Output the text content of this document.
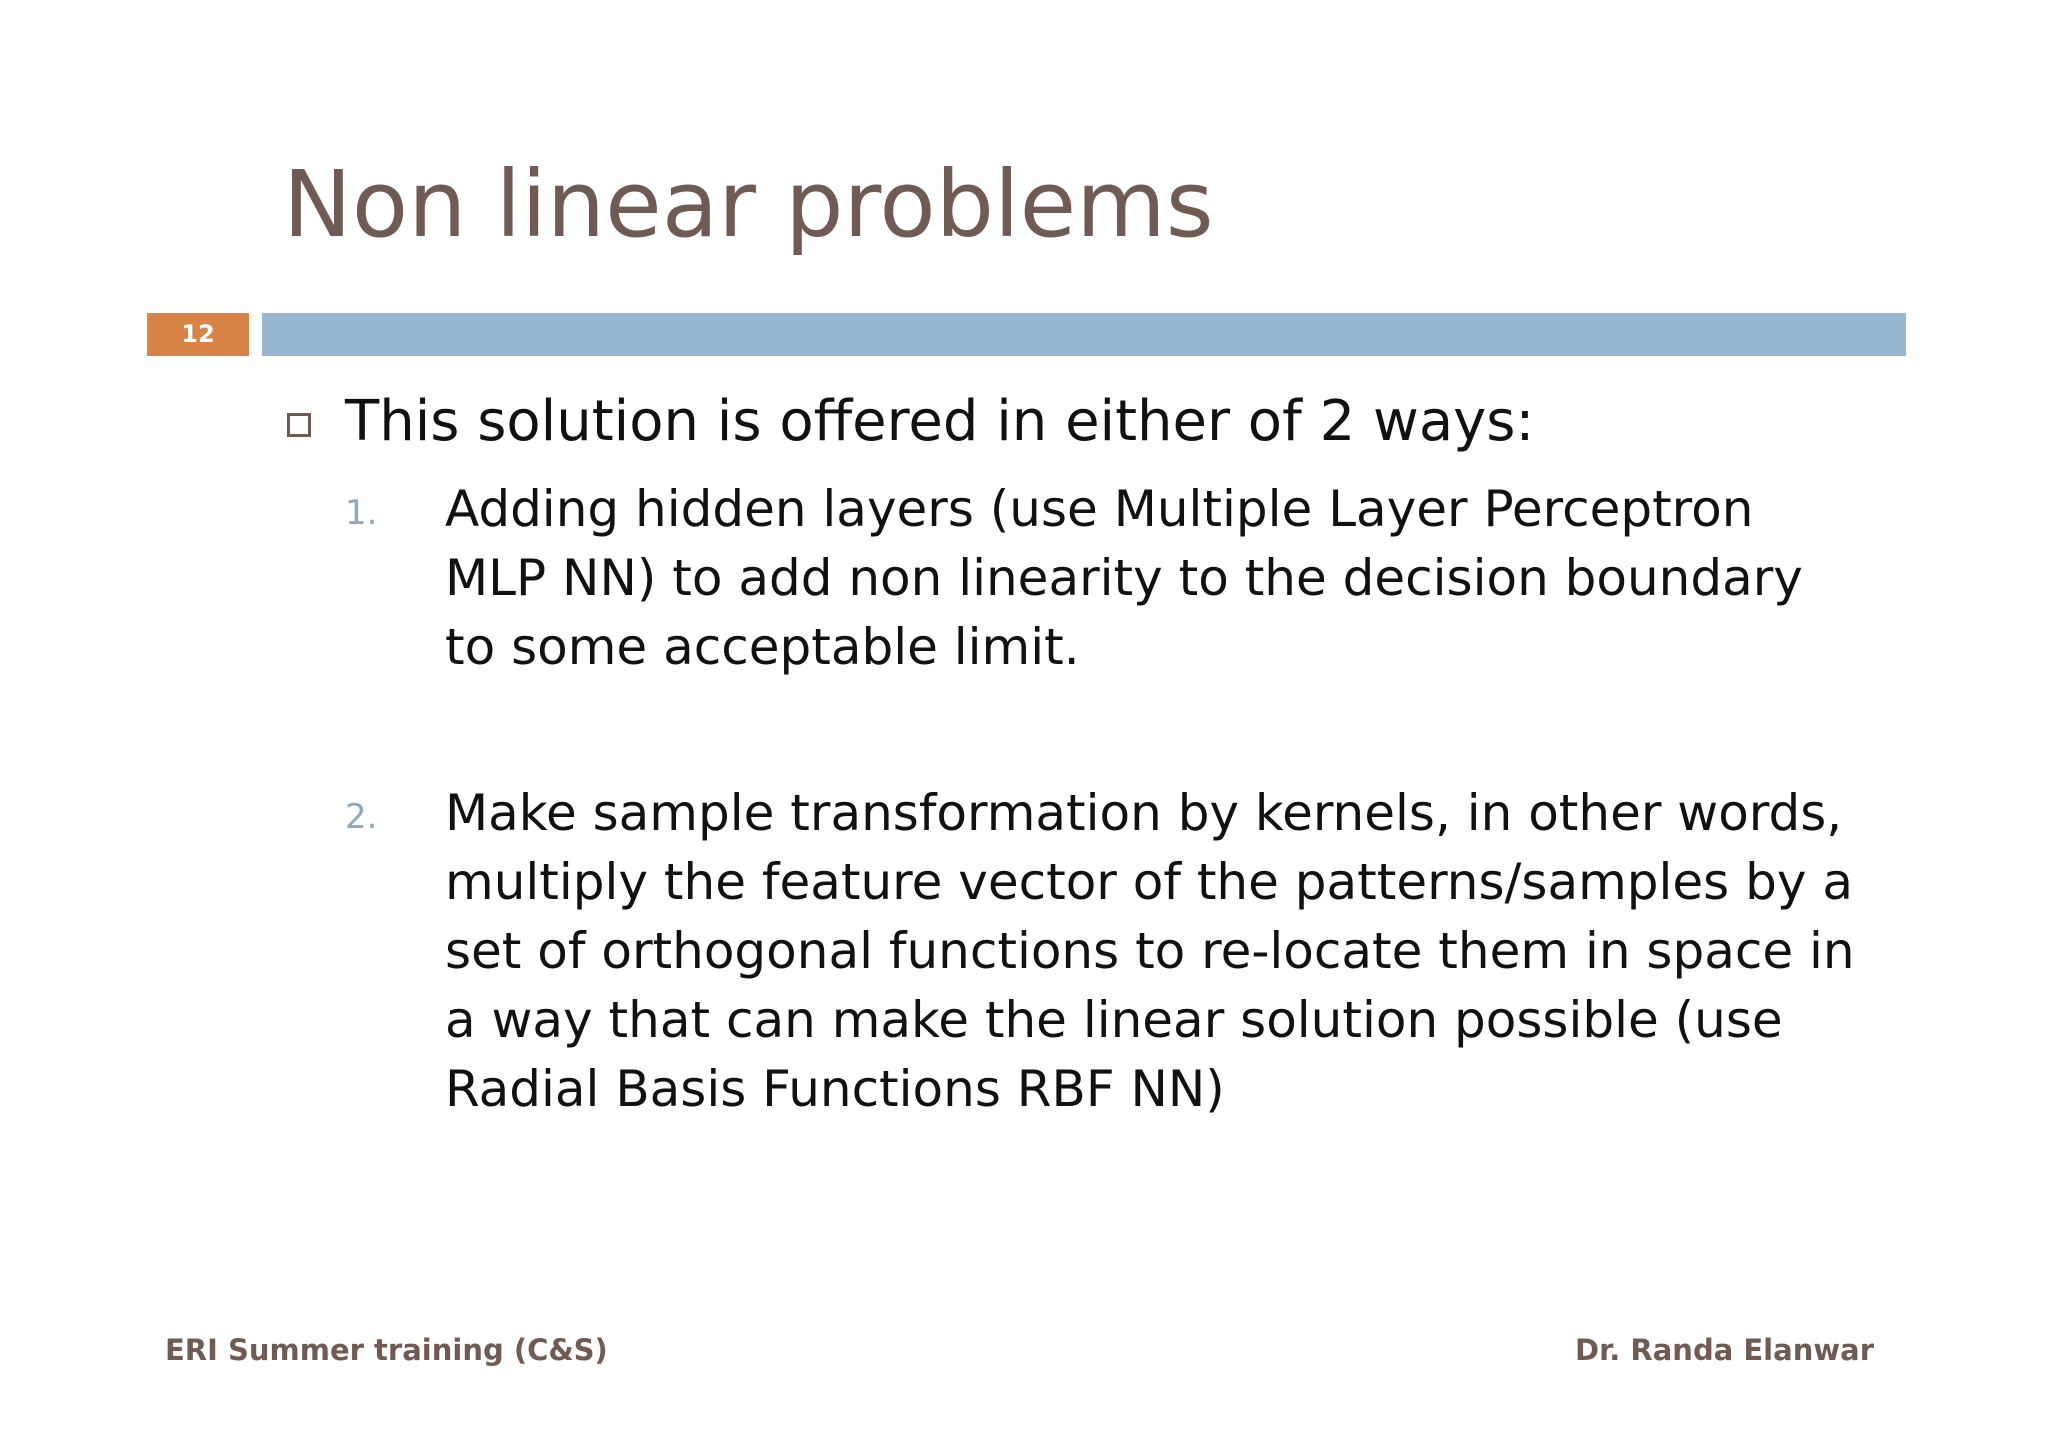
Non linear problems
12
This solution is offered in either of 2 ways:
1.	Adding hidden layers (use Multiple Layer Perceptron MLP NN) to add non linearity to the decision boundary to some acceptable limit.
2.	Make sample transformation by kernels, in other words, multiply the feature vector of the patterns/samples by a set of orthogonal functions to re-locate them in space in a way that can make the linear solution possible (use Radial Basis Functions RBF NN)
ERI Summer training (C&S)	Dr. Randa Elanwar
